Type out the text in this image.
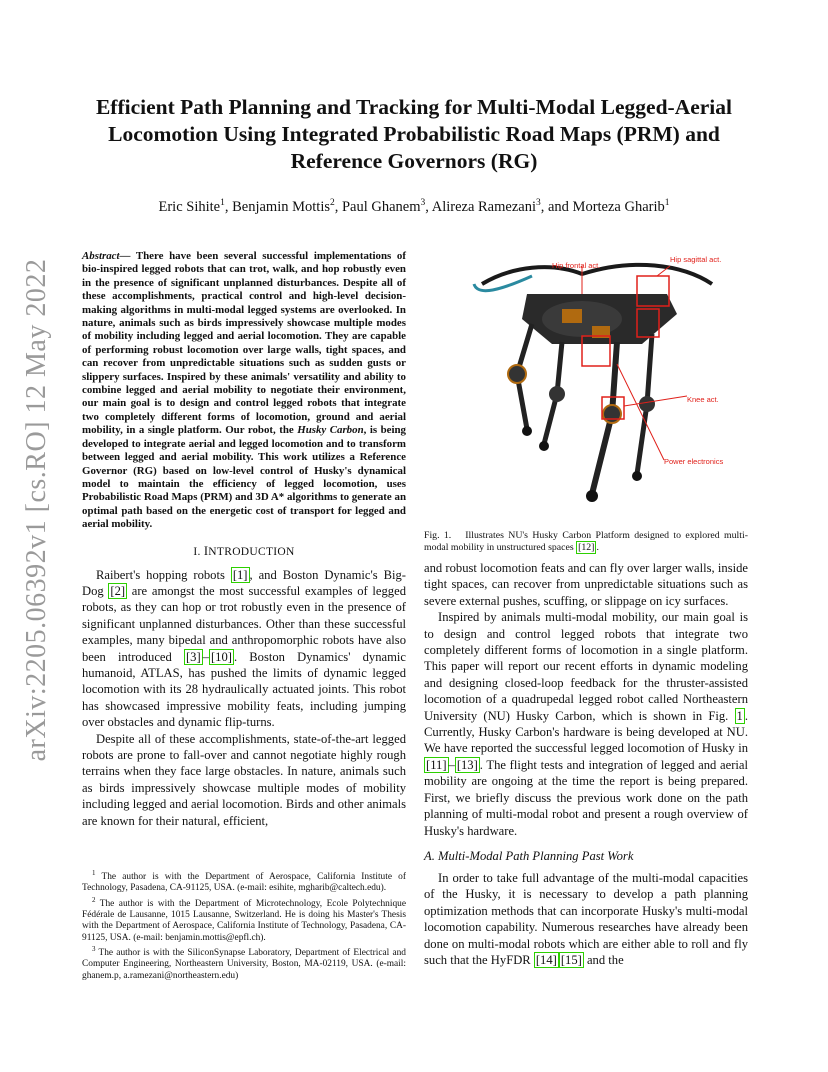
arXiv:2205.06392v1 [cs.RO] 12 May 2022
Efficient Path Planning and Tracking for Multi-Modal Legged-Aerial
Locomotion Using Integrated Probabilistic Road Maps (PRM) and
Reference Governors (RG)
Eric Sihite$^1$, Benjamin Mottis$^2$, Paul Ghanem$^3$, Alireza Ramezani$^3$, and Morteza Gharib$^1$

Abstract— There have been several successful implementations of bio-inspired legged robots that can trot, walk, and hop robustly even in the presence of significant unplanned disturbances. Despite all of these accomplishments, practical control and high-level decision-making algorithms in multi-modal legged systems are overlooked. In nature, animals such as birds impressively showcase multiple modes of mobility including legged and aerial locomotion. They are capable of performing robust locomotion over large walls, tight spaces, and can recover from unpredictable situations such as sudden gusts or slippery surfaces. Inspired by these animals' versatility and ability to combine legged and aerial mobility to negotiate their environment, our main goal is to design and control legged robots that integrate two completely different forms of locomotion, ground and aerial mobility, in a single platform. Our robot, the Husky Carbon, is being developed to integrate aerial and legged locomotion and to transform between legged and aerial mobility. This work utilizes a Reference Governor (RG) based on low-level control of Husky's dynamical model to maintain the efficiency of legged locomotion, uses Probabilistic Road Maps (PRM) and 3D A* algorithms to generate an optimal path based on the energetic cost of transport for legged and aerial mobility.

I. INTRODUCTION

Raibert's hopping robots [1] , and Boston Dynamic's Big-Dog [2] are amongst the most successful examples of legged robots, as they can hop or trot robustly even in the presence of significant unplanned disturbances. Other than these successful examples, many bipedal and anthropomorphic robots have also been introduced [3] – [10] . Boston Dynamics' dynamic humanoid, ATLAS, has pushed the limits of dynamic legged locomotion with its 28 hydraulically actuated joints. This robot has showcased impressive mobility feats, including jumping over obstacles and dynamic flip-turns.

Despite all of these accomplishments, state-of-the-art legged robots are prone to fall-over and cannot negotiate highly rough terrains when they face large obstacles. In nature, animals such as birds impressively showcase multiple modes of mobility including legged and aerial locomotion. Birds and other animals are known for their natural, efficient,

$^1$ The author is with the Department of Aerospace, California Institute of Technology, Pasadena, CA-91125, USA. (e-mail: esihite, mgharib@caltech.edu).

$^2$ The author is with the Department of Microtechnology, Ecole Polytechnique Fédérale de Lausanne, 1015 Lausanne, Switzerland. He is doing his Master's Thesis with the Department of Aerospace, California Institute of Technology, Pasadena, CA-91125, USA. (e-mail: benjamin.mottis@epfl.ch).

$^3$ The author is with the SiliconSynapse Laboratory, Department of Electrical and Computer Engineering, Northeastern University, Boston, MA-02119, USA. (e-mail: ghanem.p, a.ramezani@northeastern.edu)

Hip frontal act.
Hip sagittal act.
Knee act.
Power electronics

Fig. 1. Illustrates NU's Husky Carbon Platform designed to explored multi-modal mobility in unstructured spaces [12] .

and robust locomotion feats and can fly over larger walls, inside tight spaces, can recover from unpredictable situations such as severe external pushes, scuffing, or slippage on icy surfaces.

Inspired by animals multi-modal mobility, our main goal is to design and control legged robots that integrate two completely different forms of locomotion in a single platform. This paper will report our recent efforts in dynamic modeling and designing closed-loop feedback for the thruster-assisted locomotion of a quadrupedal legged robot called Northeastern University (NU) Husky Carbon, which is shown in Fig. 1 . Currently, Husky Carbon's hardware is being developed at NU. We have reported the successful legged locomotion of Husky in [11] – [13] . The flight tests and integration of legged and aerial mobility are ongoing at the time the report is being prepared. First, we briefly discuss the previous work done on the path planning of multi-modal robot and present a rough overview of Husky's hardware.

A. Multi-Modal Path Planning Past Work

In order to take full advantage of the multi-modal capacities of the Husky, it is necessary to develop a path planning optimization methods that can incorporate Husky's multi-modal locomotion capability. Numerous researches have already been done on multi-modal robots which are either able to roll and fly such that the HyFDR [14] [15] and the
